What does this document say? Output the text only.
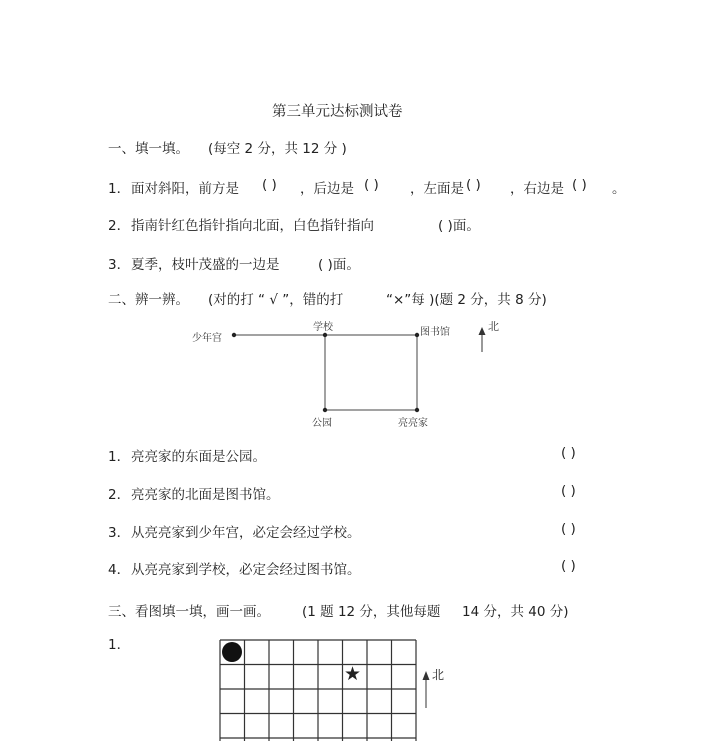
第三单元达标测试卷
一、填一填。 (每空 2 分，共 12 分 )
1． 面对斜阳，前方是 ( ) ，后边是 ( ) ，左面是 ( ) ，右边是 ( ) 。
2． 指南针红色指针指向北面，白色指针指向	( )面。
3． 夏季，枝叶茂盛的一边是	( )面。
二、辨一辨。 (对的打 “ √ ”，错的打	“×”每 )(题 2 分，共 8 分)
少年宫
学校	图书馆
公园	亮亮家
北
1． 亮亮家的东面是公园。	( )
2． 亮亮家的北面是图书馆。	( )
3． 从亮亮家到少年宫，必定会经过学校。	( )
4． 从亮亮家到学校，必定会经过图书馆。	( )
三、看图填一填，画一画。 (1 题 12 分，其他每题 14 分，共 40 分)
1．
★	北
